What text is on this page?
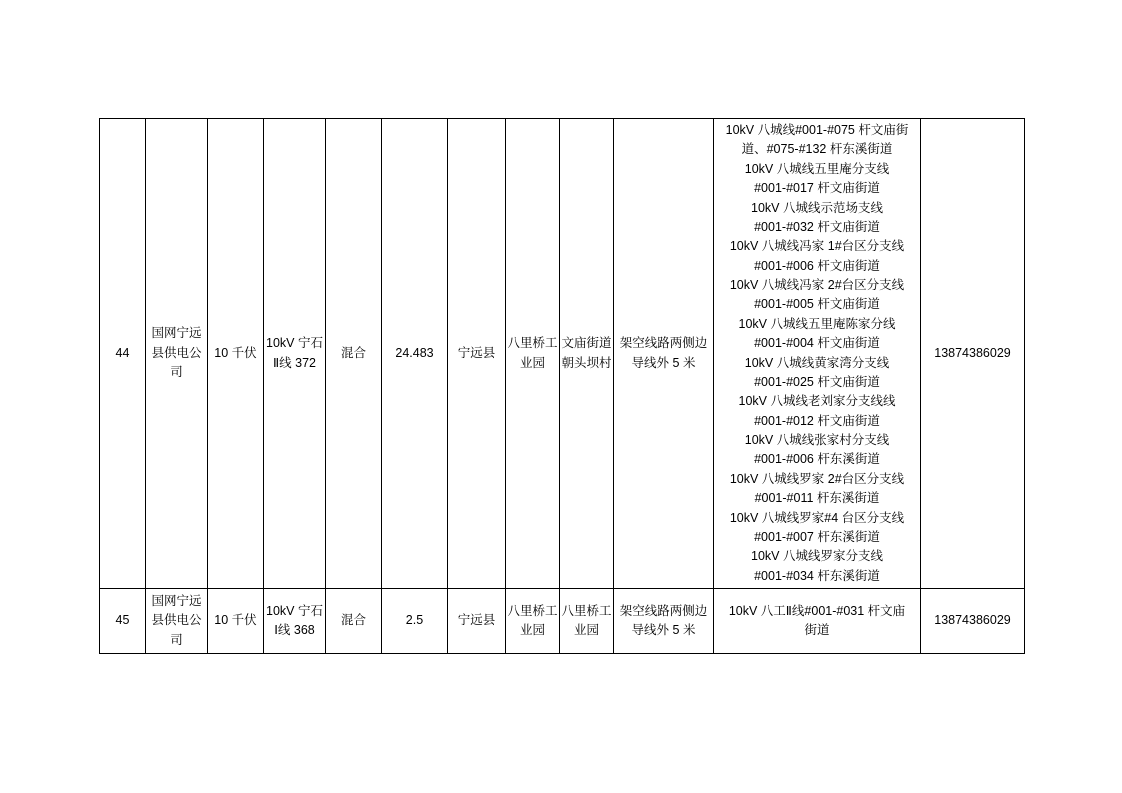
44	国网宁远县供电公司	10 千伏	10kV 宁石Ⅱ线 372	混合	24.483	宁远县	八里桥工业园	文庙街道朝头坝村	架空线路两侧边导线外 5 米	
10kV 八城线#001-#075 杆文庙街
道、#075-#132 杆东溪街道
10kV 八城线五里庵分支线
#001-#017 杆文庙街道
10kV 八城线示范场支线
#001-#032 杆文庙街道
10kV 八城线冯家 1#台区分支线
#001-#006 杆文庙街道
10kV 八城线冯家 2#台区分支线
#001-#005 杆文庙街道
10kV 八城线五里庵陈家分线
#001-#004 杆文庙街道
10kV 八城线黄家湾分支线
#001-#025 杆文庙街道
10kV 八城线老刘家分支线线
#001-#012 杆文庙街道
10kV 八城线张家村分支线
#001-#006 杆东溪街道
10kV 八城线罗家 2#台区分支线
#001-#011 杆东溪街道
10kV 八城线罗家#4 台区分支线
#001-#007 杆东溪街道
10kV 八城线罗家分支线
#001-#034 杆东溪街道
	13874386029
45	国网宁远县供电公司	10 千伏	10kV 宁石Ⅰ线 368	混合	2.5	宁远县	八里桥工业园	八里桥工业园	架空线路两侧边导线外 5 米	10kV 八工Ⅱ线#001-#031 杆文庙
街道	13874386029
